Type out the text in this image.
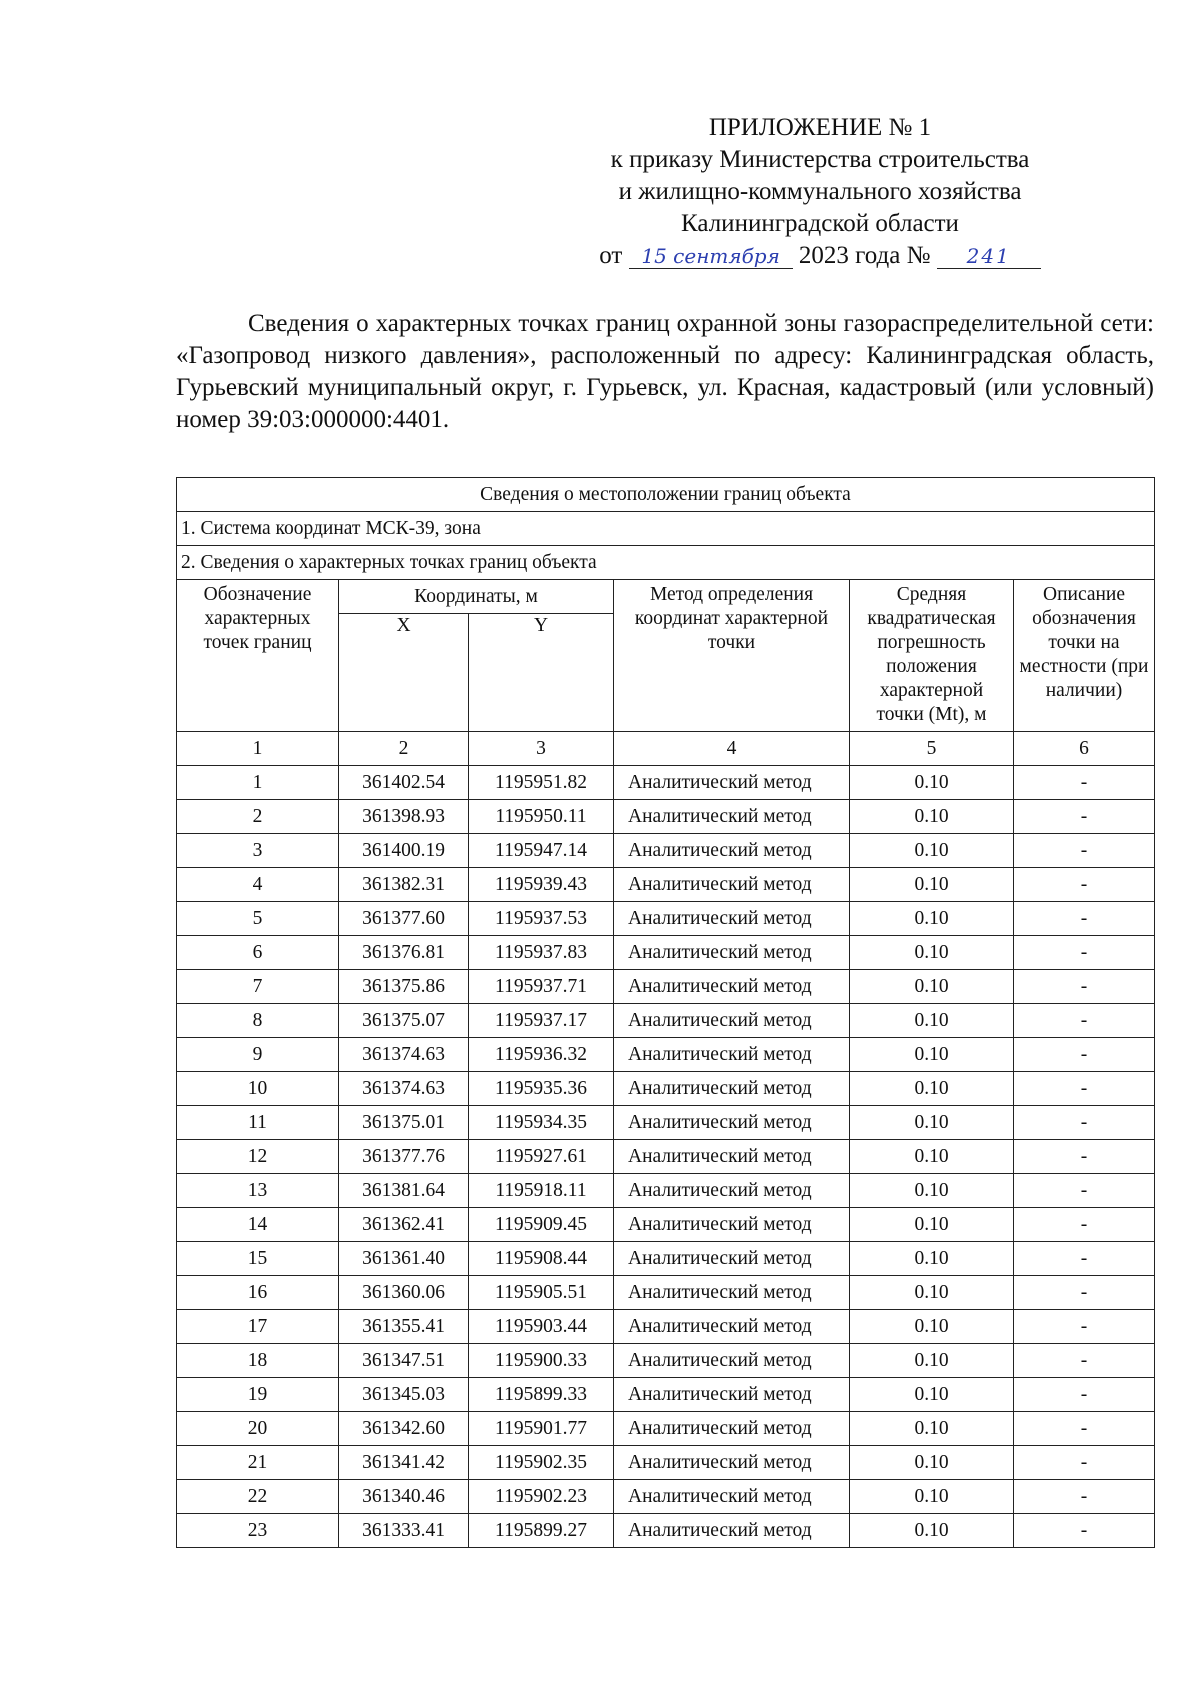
ПРИЛОЖЕНИЕ № 1
к приказу Министерства строительства
и жилищно-коммунального хозяйства
Калининградской области
от 15 сентября 2023 года № 241

Сведения о характерных точках границ охранной зоны газораспределительной сети: «Газопровод низкого давления», расположенный по адресу: Калининградская область, Гурьевский муниципальный округ, г. Гурьевск, ул. Красная, кадастровый (или условный) номер 39:03:000000:4401.

Сведения о местоположении границ объекта					
1. Система координат МСК-39, зона					
2. Сведения о характерных точках границ объекта					
Обозначение характерных точек границ	Координаты, м		Метод определения координат характерной точки	Средняя квадратическая погрешность положения характерной точки (Mt), м	Описание обозначения точки на местности (при наличии)
	X	Y			
1	2	3	4	5	6
1	361402.54	1195951.82	Аналитический метод	0.10	-
2	361398.93	1195950.11	Аналитический метод	0.10	-
3	361400.19	1195947.14	Аналитический метод	0.10	-
4	361382.31	1195939.43	Аналитический метод	0.10	-
5	361377.60	1195937.53	Аналитический метод	0.10	-
6	361376.81	1195937.83	Аналитический метод	0.10	-
7	361375.86	1195937.71	Аналитический метод	0.10	-
8	361375.07	1195937.17	Аналитический метод	0.10	-
9	361374.63	1195936.32	Аналитический метод	0.10	-
10	361374.63	1195935.36	Аналитический метод	0.10	-
11	361375.01	1195934.35	Аналитический метод	0.10	-
12	361377.76	1195927.61	Аналитический метод	0.10	-
13	361381.64	1195918.11	Аналитический метод	0.10	-
14	361362.41	1195909.45	Аналитический метод	0.10	-
15	361361.40	1195908.44	Аналитический метод	0.10	-
16	361360.06	1195905.51	Аналитический метод	0.10	-
17	361355.41	1195903.44	Аналитический метод	0.10	-
18	361347.51	1195900.33	Аналитический метод	0.10	-
19	361345.03	1195899.33	Аналитический метод	0.10	-
20	361342.60	1195901.77	Аналитический метод	0.10	-
21	361341.42	1195902.35	Аналитический метод	0.10	-
22	361340.46	1195902.23	Аналитический метод	0.10	-
23	361333.41	1195899.27	Аналитический метод	0.10	-
